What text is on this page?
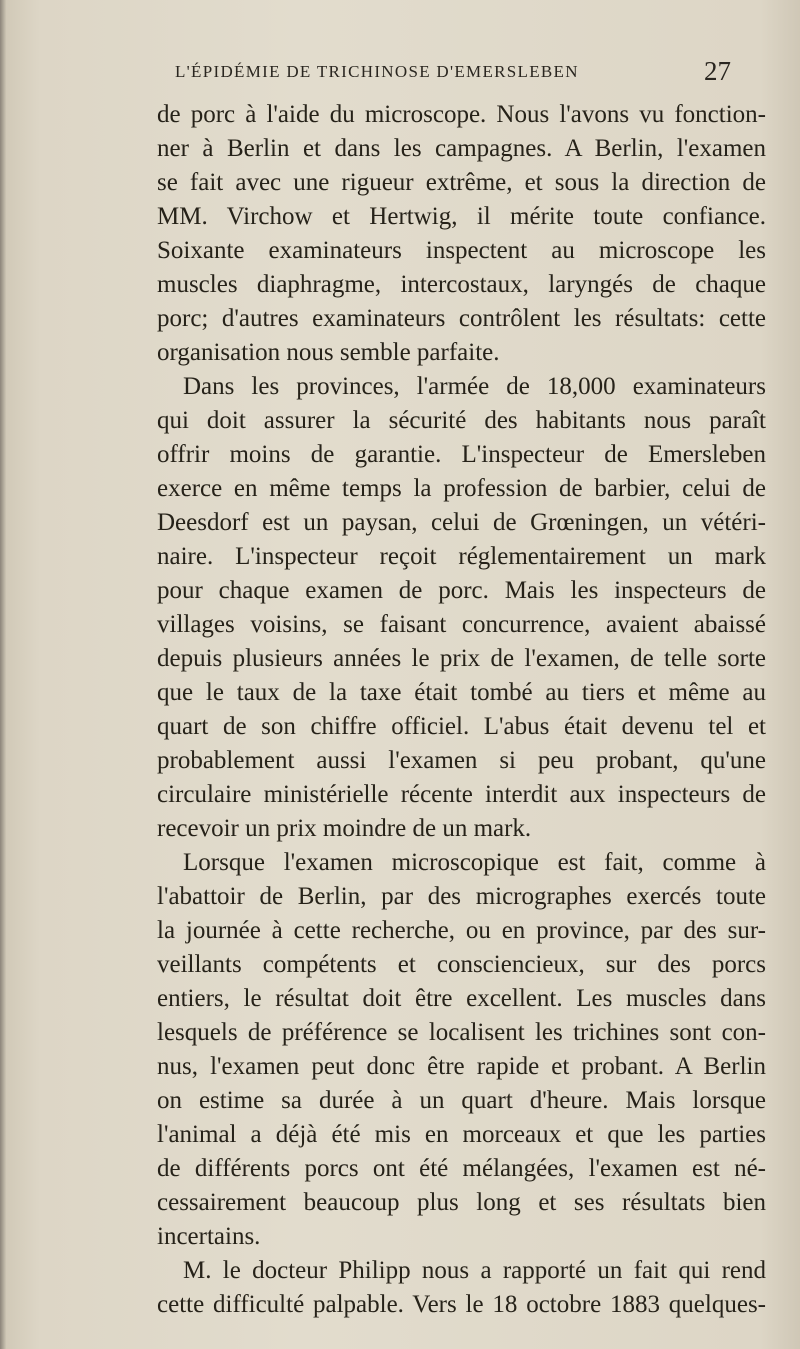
L'ÉPIDÉMIE DE TRICHINOSE D'EMERSLEBEN	27
de porc à l'aide du microscope. Nous l'avons vu fonction-
ner à Berlin et dans les campagnes. A Berlin, l'examen
se fait avec une rigueur extrême, et sous la direction de
MM. Virchow et Hertwig, il mérite toute confiance.
Soixante examinateurs inspectent au microscope les
muscles diaphragme, intercostaux, laryngés de chaque
porc; d'autres examinateurs contrôlent les résultats: cette
organisation nous semble parfaite.
Dans les provinces, l'armée de 18,000 examinateurs
qui doit assurer la sécurité des habitants nous paraît
offrir moins de garantie. L'inspecteur de Emersleben
exerce en même temps la profession de barbier, celui de
Deesdorf est un paysan, celui de Grœningen, un vétéri-
naire. L'inspecteur reçoit réglementairement un mark
pour chaque examen de porc. Mais les inspecteurs de
villages voisins, se faisant concurrence, avaient abaissé
depuis plusieurs années le prix de l'examen, de telle sorte
que le taux de la taxe était tombé au tiers et même au
quart de son chiffre officiel. L'abus était devenu tel et
probablement aussi l'examen si peu probant, qu'une
circulaire ministérielle récente interdit aux inspecteurs de
recevoir un prix moindre de un mark.
Lorsque l'examen microscopique est fait, comme à
l'abattoir de Berlin, par des micrographes exercés toute
la journée à cette recherche, ou en province, par des sur-
veillants compétents et consciencieux, sur des porcs
entiers, le résultat doit être excellent. Les muscles dans
lesquels de préférence se localisent les trichines sont con-
nus, l'examen peut donc être rapide et probant. A Berlin
on estime sa durée à un quart d'heure. Mais lorsque
l'animal a déjà été mis en morceaux et que les parties
de différents porcs ont été mélangées, l'examen est né-
cessairement beaucoup plus long et ses résultats bien
incertains.
M. le docteur Philipp nous a rapporté un fait qui rend
cette difficulté palpable. Vers le 18 octobre 1883 quelques-
